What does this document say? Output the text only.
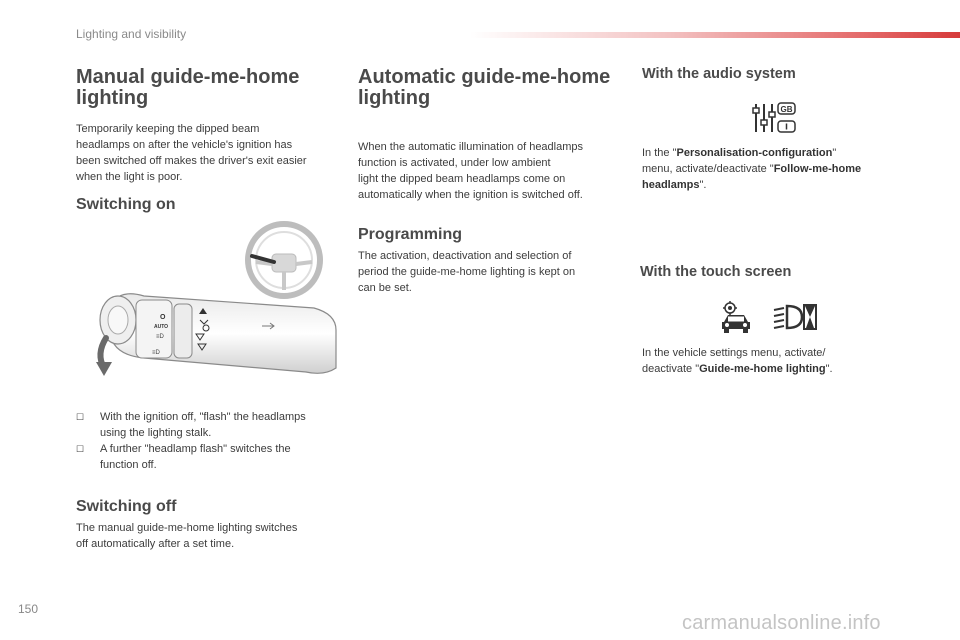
Lighting and visibility
Manual guide-me-home
lighting

Temporarily keeping the dipped beam
headlamps on after the vehicle's ignition has
been switched off makes the driver's exit easier
when the light is poor.

Switching on
O
AUTO
≡D
≡D
☐	With the ignition off, "flash" the headlamps
using the lighting stalk.
☐	A further "headlamp flash" switches the
function off.
Switching off

The manual guide-me-home lighting switches
off automatically after a set time.

Automatic guide-me-home
lighting

When the automatic illumination of headlamps
function is activated, under low ambient
light the dipped beam headlamps come on
automatically when the ignition is switched off.

Programming

The activation, deactivation and selection of
period the guide-me-home lighting is kept on
can be set.

With the audio system
GB

In the "Personalisation-configuration"
menu, activate/deactivate "Follow-me-home
headlamps".

With the touch screen

In the vehicle settings menu, activate/
deactivate "Guide-me-home lighting".

150
carmanualsonline.info
